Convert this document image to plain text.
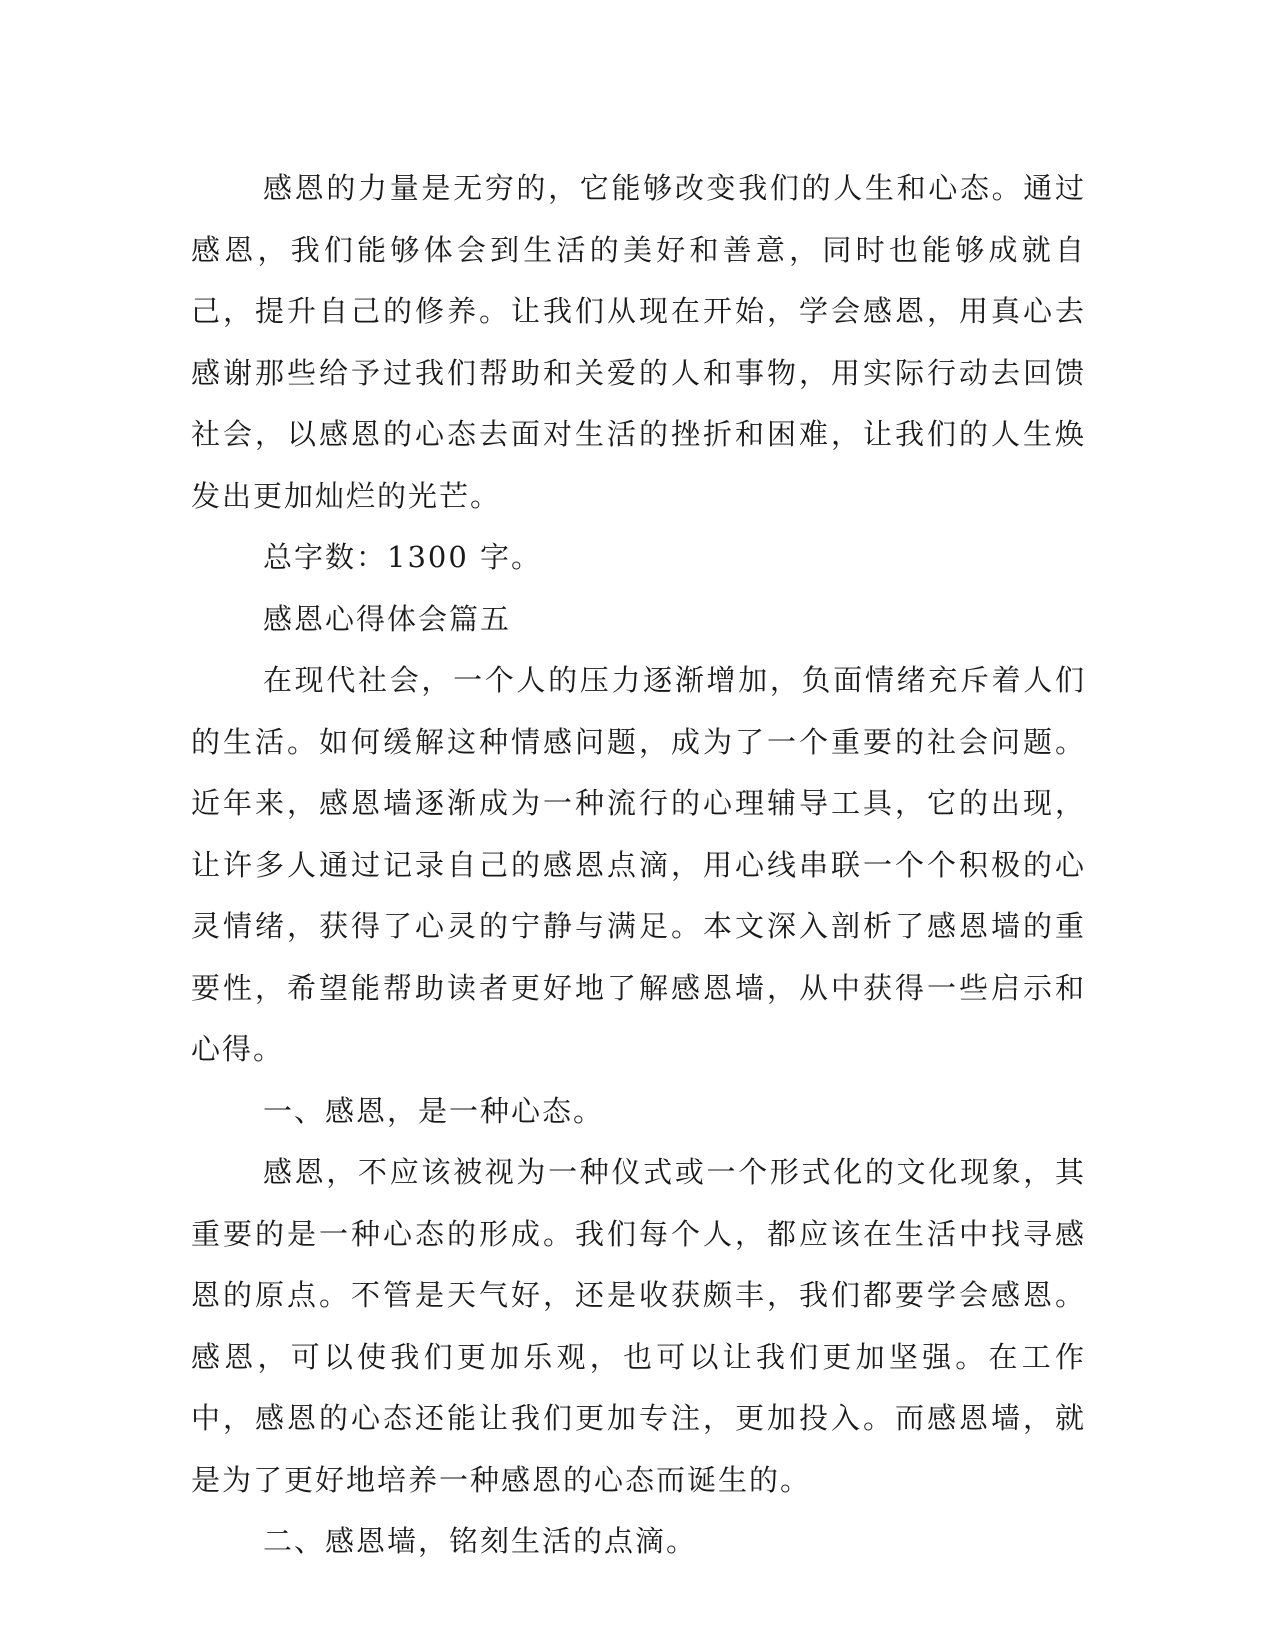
感恩的力量是无穷的，它能够改变我们的人生和心态。通过感恩，我们能够体会到生活的美好和善意，同时也能够成就自己，提升自己的修养。让我们从现在开始，学会感恩，用真心去感谢那些给予过我们帮助和关爱的人和事物，用实际行动去回馈社会，以感恩的心态去面对生活的挫折和困难，让我们的人生焕发出更加灿烂的光芒。

总字数：1300 字。

感恩心得体会篇五

在现代社会，一个人的压力逐渐增加，负面情绪充斥着人们的生活。如何缓解这种情感问题，成为了一个重要的社会问题。近年来，感恩墙逐渐成为一种流行的心理辅导工具，它的出现，让许多人通过记录自己的感恩点滴，用心线串联一个个积极的心灵情绪，获得了心灵的宁静与满足。本文深入剖析了感恩墙的重要性，希望能帮助读者更好地了解感恩墙，从中获得一些启示和心得。

一、感恩，是一种心态。

感恩，不应该被视为一种仪式或一个形式化的文化现象，其重要的是一种心态的形成。我们每个人，都应该在生活中找寻感恩的原点。不管是天气好，还是收获颇丰，我们都要学会感恩。感恩，可以使我们更加乐观，也可以让我们更加坚强。在工作中，感恩的心态还能让我们更加专注，更加投入。而感恩墙，就是为了更好地培养一种感恩的心态而诞生的。

二、感恩墙，铭刻生活的点滴。
